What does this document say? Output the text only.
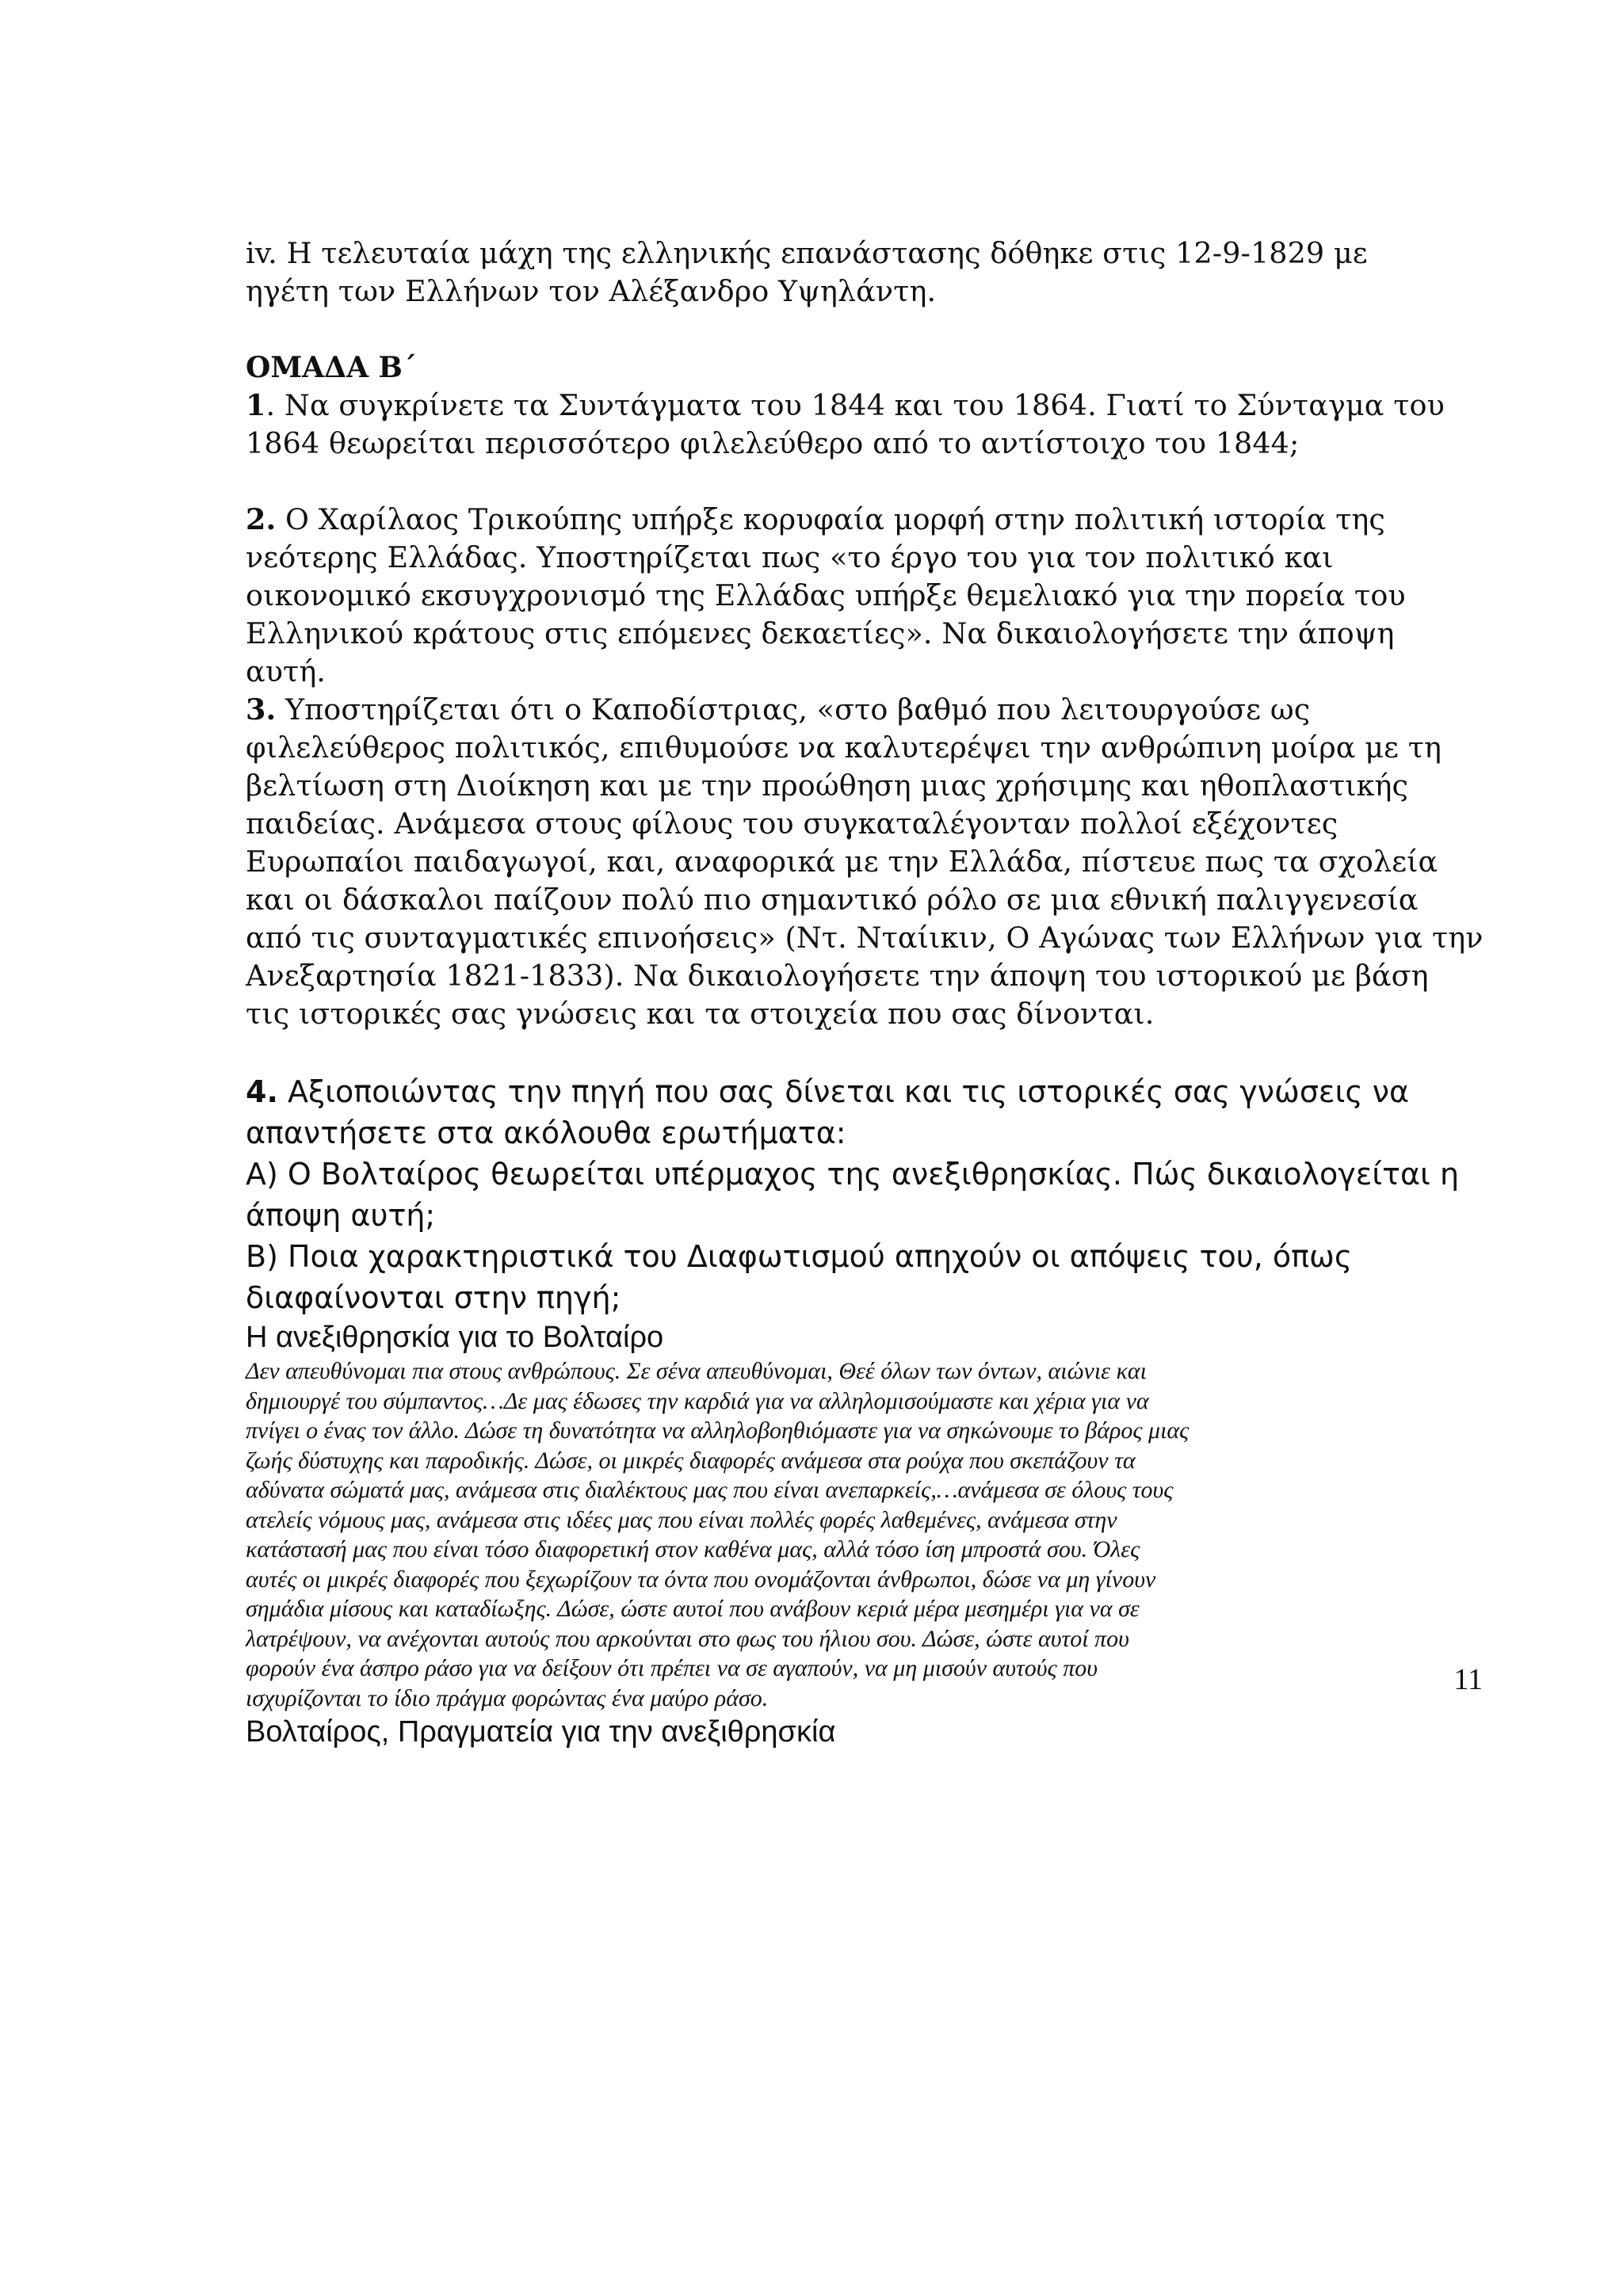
iv. Η τελευταία μάχη της ελληνικής επανάστασης δόθηκε στις 12-9-1829 με

ηγέτη των Ελλήνων τον Αλέξανδρο Υψηλάντη.

ΟΜΑΔΑ Β΄

1. Να συγκρίνετε τα Συντάγματα του 1844 και του 1864. Γιατί το Σύνταγμα του

1864 θεωρείται περισσότερο φιλελεύθερο από το αντίστοιχο του 1844;

2. Ο Χαρίλαος Τρικούπης υπήρξε κορυφαία μορφή στην πολιτική ιστορία της

νεότερης Ελλάδας. Υποστηρίζεται πως «το έργο του για τον πολιτικό και

οικονομικό εκσυγχρονισμό της Ελλάδας υπήρξε θεμελιακό για την πορεία του

Ελληνικού κράτους στις επόμενες δεκαετίες». Να δικαιολογήσετε την άποψη

αυτή.

3. Υποστηρίζεται ότι ο Καποδίστριας, «στο βαθμό που λειτουργούσε ως

φιλελεύθερος πολιτικός, επιθυμούσε να καλυτερέψει την ανθρώπινη μοίρα με τη

βελτίωση στη Διοίκηση και με την προώθηση μιας χρήσιμης και ηθοπλαστικής

παιδείας. Ανάμεσα στους φίλους του συγκαταλέγονταν πολλοί εξέχοντες

Ευρωπαίοι παιδαγωγοί, και, αναφορικά με την Ελλάδα, πίστευε πως τα σχολεία

και οι δάσκαλοι παίζουν πολύ πιο σημαντικό ρόλο σε μια εθνική παλιγγενεσία

από τις συνταγματικές επινοήσεις» (Ντ. Νταίικιν, Ο Αγώνας των Ελλήνων για την

Ανεξαρτησία 1821-1833). Να δικαιολογήσετε την άποψη του ιστορικού με βάση

τις ιστορικές σας γνώσεις και τα στοιχεία που σας δίνονται.

4. Αξιοποιώντας την πηγή που σας δίνεται και τις ιστορικές σας γνώσεις να

απαντήσετε στα ακόλουθα ερωτήματα:

Α) Ο Βολταίρος θεωρείται υπέρμαχος της ανεξιθρησκίας. Πώς δικαιολογείται η

άποψη αυτή;

Β) Ποια χαρακτηριστικά του Διαφωτισμού απηχούν οι απόψεις του, όπως

διαφαίνονται στην πηγή;

Η ανεξιθρησκία για το Βολταίρο

Δεν απευθύνομαι πια στους ανθρώπους. Σε σένα απευθύνομαι, Θεέ όλων των όντων, αιώνιε και

δημιουργέ του σύμπαντος…Δε μας έδωσες την καρδιά για να αλληλομισούμαστε και χέρια για να

πνίγει ο ένας τον άλλο. Δώσε τη δυνατότητα να αλληλοβοηθιόμαστε για να σηκώνουμε το βάρος μιας

ζωής δύστυχης και παροδικής. Δώσε, οι μικρές διαφορές ανάμεσα στα ρούχα που σκεπάζουν τα

αδύνατα σώματά μας, ανάμεσα στις διαλέκτους μας που είναι ανεπαρκείς,…ανάμεσα σε όλους τους

ατελείς νόμους μας, ανάμεσα στις ιδέες μας που είναι πολλές φορές λαθεμένες, ανάμεσα στην

κατάστασή μας που είναι τόσο διαφορετική στον καθένα μας, αλλά τόσο ίση μπροστά σου. Όλες

αυτές οι μικρές διαφορές που ξεχωρίζουν τα όντα που ονομάζονται άνθρωποι, δώσε να μη γίνουν

σημάδια μίσους και καταδίωξης. Δώσε, ώστε αυτοί που ανάβουν κεριά μέρα μεσημέρι για να σε

λατρέψουν, να ανέχονται αυτούς που αρκούνται στο φως του ήλιου σου. Δώσε, ώστε αυτοί που

φορούν ένα άσπρο ράσο για να δείξουν ότι πρέπει να σε αγαπούν, να μη μισούν αυτούς που

ισχυρίζονται το ίδιο πράγμα φορώντας ένα μαύρο ράσο.

Βολταίρος, Πραγματεία για την ανεξιθρησκία

11
